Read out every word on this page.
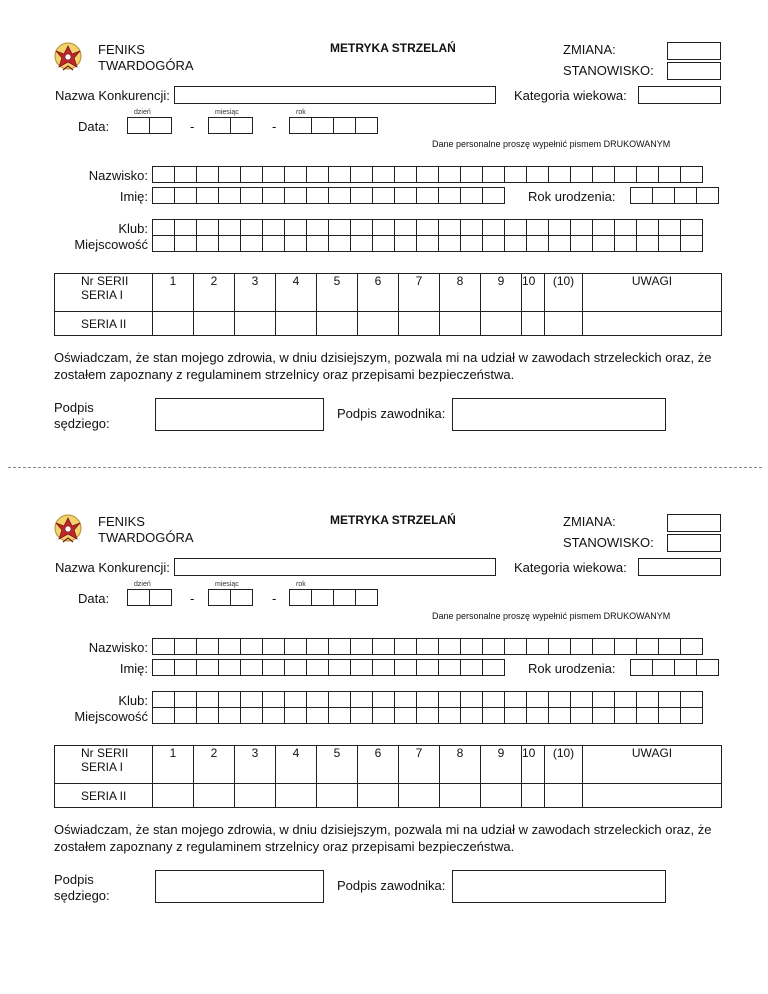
FENIKS
TWARDOGÓRA
METRYKA STRZELAŃ	ZMIANA:
STANOWISKO:
Nazwa Konkurencji:	Kategoria wiekowa:
dzień	miesiąc	rok
Data:	-	-
Dane personalne proszę wypełnić pismem DRUKOWANYM
Nazwisko:
Imię:	Rok urodzenia:
Klub:
Miejscowość
Nr SERII
SERIA I	1	2	3	4	5	6	7	8	9	10	(10)	UWAGI
SERIA II												
Oświadczam, że stan mojego zdrowia, w dniu dzisiejszym, pozwala mi na udział w zawodach strzeleckich oraz, że
zostałem zapoznany z regulaminem strzelnicy oraz przepisami bezpieczeństwa.
Podpis
sędziego:
Podpis zawodnika:
FENIKS
TWARDOGÓRA
METRYKA STRZELAŃ	ZMIANA:
STANOWISKO:
Nazwa Konkurencji:	Kategoria wiekowa:
dzień	miesiąc	rok
Data:	-	-
Dane personalne proszę wypełnić pismem DRUKOWANYM
Nazwisko:
Imię:	Rok urodzenia:
Klub:
Miejscowość
Nr SERII
SERIA I	1	2	3	4	5	6	7	8	9	10	(10)	UWAGI
SERIA II												
Oświadczam, że stan mojego zdrowia, w dniu dzisiejszym, pozwala mi na udział w zawodach strzeleckich oraz, że
zostałem zapoznany z regulaminem strzelnicy oraz przepisami bezpieczeństwa.
Podpis
sędziego:
Podpis zawodnika:
